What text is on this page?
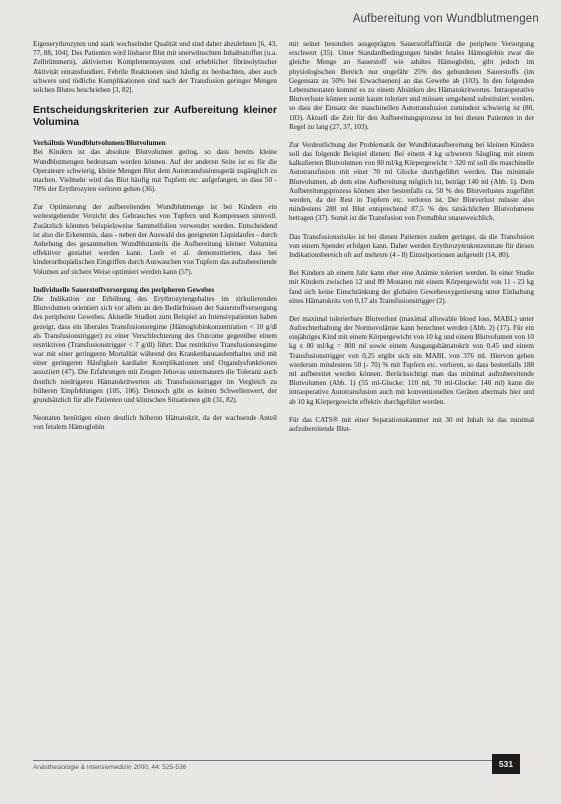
Aufbereitung von Wundblutmengen

Eigenerythrozyten und stark wechselnder Qualität und sind daher abzulehnen [6, 43, 77, 88, 104]. Des Patienten wird lösbarer Blut mit unerwünschten Inhaltsstoffen (u.a. Zelltrümmern), aktivierten Komplementsystem und erheblicher fibrinolytischer Aktivität retransfundiert. Febrile Reaktionen sind häufig zu beobachten, aber auch schwere und tödliche Komplikationen sind nach der Transfusion geringer Mengen solchen Blutes beschrieben [3, 82].

Entscheidungskriterien zur Aufbereitung kleiner Volumina
Verhältnis Wundblutvolumen/Blutvolumen

Bei Kindern ist das absolute Blutvolumen gering, so dass bereits kleine Wundblutmengen bedeutsam werden können. Auf der anderen Seite ist es für die Operateure schwierig, kleine Mengen Blut dem Autotransfusionsgerät zugänglich zu machen. Vielmehr wird das Blut häufig mit Tupfern etc. aufgefangen, so dass 50 - 70% der Erythrozyten verloren gehen (36).

Zur Optimierung der aufbereitenden Wundblutmenge ist bei Kindern ein weitestgehender Verzicht des Gebrauches von Tupfern und Kompressen sinnvoll. Zusätzlich könnten beispielsweise Sammelfolien verwendet werden. Entscheidend ist also die Erkenntnis, dass - neben der Auswahl des geeigneten Liquidaufes - durch Anhebung des gesammelten Wundblutanteils die Aufbereitung kleiner Volumina effektiver gestaltet werden kann. Loeb et al. demonstrierten, dass bei kinderorthopädischen Eingriffen durch Auswaschen von Tupfern das aufzubereitende Volumen auf sichere Weise optimiert werden kann (57).

Individuelle Sauerstoffversorgung des peripheren Gewebes

Die Indikation zur Erhöhung des Erythrozytengehaltes im zirkulierenden Blutvolumen orientiert sich vor allem an den Bedürfnissen der Sauerstoffversorgung des peripheren Gewebes. Aktuelle Studien zum Beispiel an Intensivpatienten haben gezeigt, dass ein liberales Transfusionsregime (Hämoglobinkonzentration < 10 g/dl als Transfusionstrigger) zu einer Verschlechterung des Outcome gegenüber einem restriktiven (Transfusionstrigger < 7 g/dl) führt: Das restriktive Transfusionsregime war mit einer geringeren Mortalität während des Krankenhausaufenthaltes und mit einer geringeren Häufigkeit kardialer Komplikationen und Organdysfunktionen assoziiert (47). Die Erfahrungen mit Zeugen Jehovas untermauern die Toleranz auch deutlich niedrigeren Hämatokritwerten als Transfusionstrigger im Vergleich zu früheren Empfehlungen (105, 106). Dennoch gibt es keinen Schwellenwert, der grundsätzlich für alle Patienten und klinischen Situationen gilt (31, 82).

Neonaten benötigen einen deutlich höheren Hämatokrit, da der wachsende Anteil von fetalem Hämoglobin

mit seiner besonders ausgeprägten Sauerstoffaffinität die periphere Versorgung erschwert (35). Unter Standardbedingungen bindet fetales Hämoglobin zwar die gleiche Menge an Sauerstoff wie adultes Hämoglobin, gibt jedoch im physiologischen Bereich nur ungefähr 25% des gebundenen Sauerstoffs (im Gegensatz zu 50% bei Erwachsenen) an das Gewebe ab (103). In den folgenden Lebensmonaten kommt es zu einem Absinken des Hämatokritwertes. Intraoperative Blutverluste können somit kaum toleriert und müssen umgehend substituiert werden, so dass der Einsatz der maschinellen Autotransfusion zumindest schwierig ist (80, 103). Aktuell die Zeit für den Aufbereitungsprozess ist bei diesen Patienten in der Regel zu lang (27, 37, 103).

Zur Verdeutlichung der Problematik der Wundblutaufbereitung bei kleinen Kindern soll das folgende Beispiel dienen: Bei einem 4 kg schweren Säugling mit einem kalkulierten Blutvolumen von 80 ml/kg Körpergewicht = 320 ml soll die maschinelle Autotransfusion mit einer 70 ml Glocke durchgeführt werden. Das minimale Blutvolumen, ab dem eine Aufbereitung möglich ist, beträgt 140 ml (Abb. 1). Dem Aufbereitungsprozess können aber bestenfalls ca. 50 % des Blutverlustes zugeführt werden, da der Rest in Tupfern etc. verloren ist. Der Blutverlust müsste also mindestens 280 ml Blut entsprechend 87,5 % des tatsächlichen Blutvolumens betragen (37). Somit ist die Transfusion von Fremdblut unausweichlich.

Das Transfusionsrisiko ist bei diesen Patienten zudem geringer, da die Transfusion von einem Spender erfolgen kann. Daher werden Erythrozytenkonzentrate für diesen Indikationsbereich oft auf mehrere (4 - 8) Einzelportionen aufgeteilt (14, 80).

Bei Kindern ab einem Jahr kann eher eine Anämie toleriert werden. In einer Studie mit Kindern zwischen 12 und 89 Monaten mit einem Körpergewicht von 11 - 23 kg fand sich keine Einschränkung der globalen Gewebeoxygenierung unter Einhaltung eines Hämatokrits von 0,17 als Transfusionstrigger (2).

Der maximal tolerierbare Blutverlust (maximal allowable blood loss, MABL) unter Aufrechterhaltung der Normovolämie kann berechnet werden (Abb. 2) (17). Für ein einjähriges Kind mit einem Körpergewicht von 10 kg und einem Blutvolumen von 10 kg x 80 ml/kg = 800 ml sowie einem Ausgangshämatokrit von 0,45 und einem Transfusionstrigger von 0,25 ergibt sich ein MABL von 376 ml. Hiervon gehen wiederum mindestens 50 (- 70) % mit Tupfern etc. verloren, so dass bestenfalls 188 ml aufbereitet werden können. Berücksichtigt man das minimal aufzubereitende Blutvolumen (Abb. 1) (55 ml-Glocke: 110 ml, 70 ml-Glocke: 140 ml) kann die intraoperative Autotransfusion auch mit konventionellen Geräten abermals hier und ab 10 kg Körpergewicht effektiv durchgeführt werden.

Für das CATS® mit einer Separationskammer mit 30 ml Inhalt ist das minimal aufzubereitende Blut-

Anästhesiologie & Intensivmedizin 2000, 44: 525-538	531
